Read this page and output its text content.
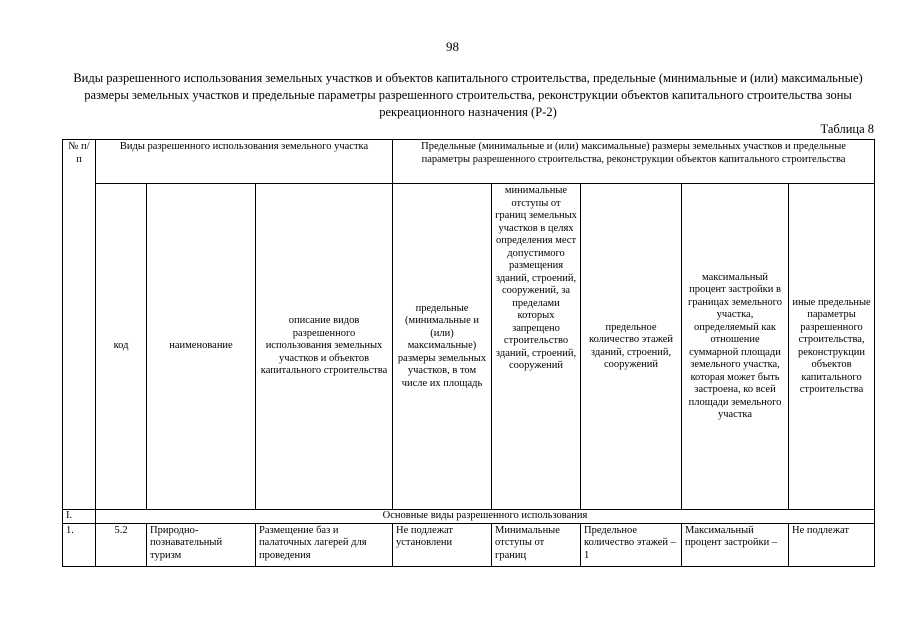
98
Виды разрешенного использования земельных участков и объектов капитального строительства, предельные (минимальные и (или) максимальные) размеры земельных участков и предельные параметры разрешенного строительства, реконструкции объектов капитального строительства зоны рекреационного назначения (Р-2)
Таблица 8
№ п/п	Виды разрешенного использования земельного участка			Предельные (минимальные и (или) максимальные) размеры земельных участков и предельные параметры разрешенного строительства, реконструкции объектов капитального строительства				
	код	наименование	описание видов разрешенного использования земельных участков и объектов капитального строительства	предельные (минимальные и (или) максимальные) размеры земельных участков, в том числе их площадь	минимальные отступы от границ земельных участков в целях определения мест допустимого размещения зданий, строений, сооружений, за пределами которых запрещено строительство зданий, строений, сооружений	предельное количество этажей зданий, строений, сооружений	максимальный процент застройки в границах земельного участка, определяемый как отношение суммарной площади земельного участка, которая может быть застроена, ко всей площади земельного участка	иные предельные параметры разрешенного строительства, реконструкции объектов капитального строительства
I.	Основные виды разрешенного использования							

1.	5.2	Природно-познавательный туризм	Размещение баз и палаточных лагерей для проведения	Не подлежат установлени	Минимальные отступы от границ	Предельное количество этажей – 1	Максимальный процент застройки –	Не подлежат
